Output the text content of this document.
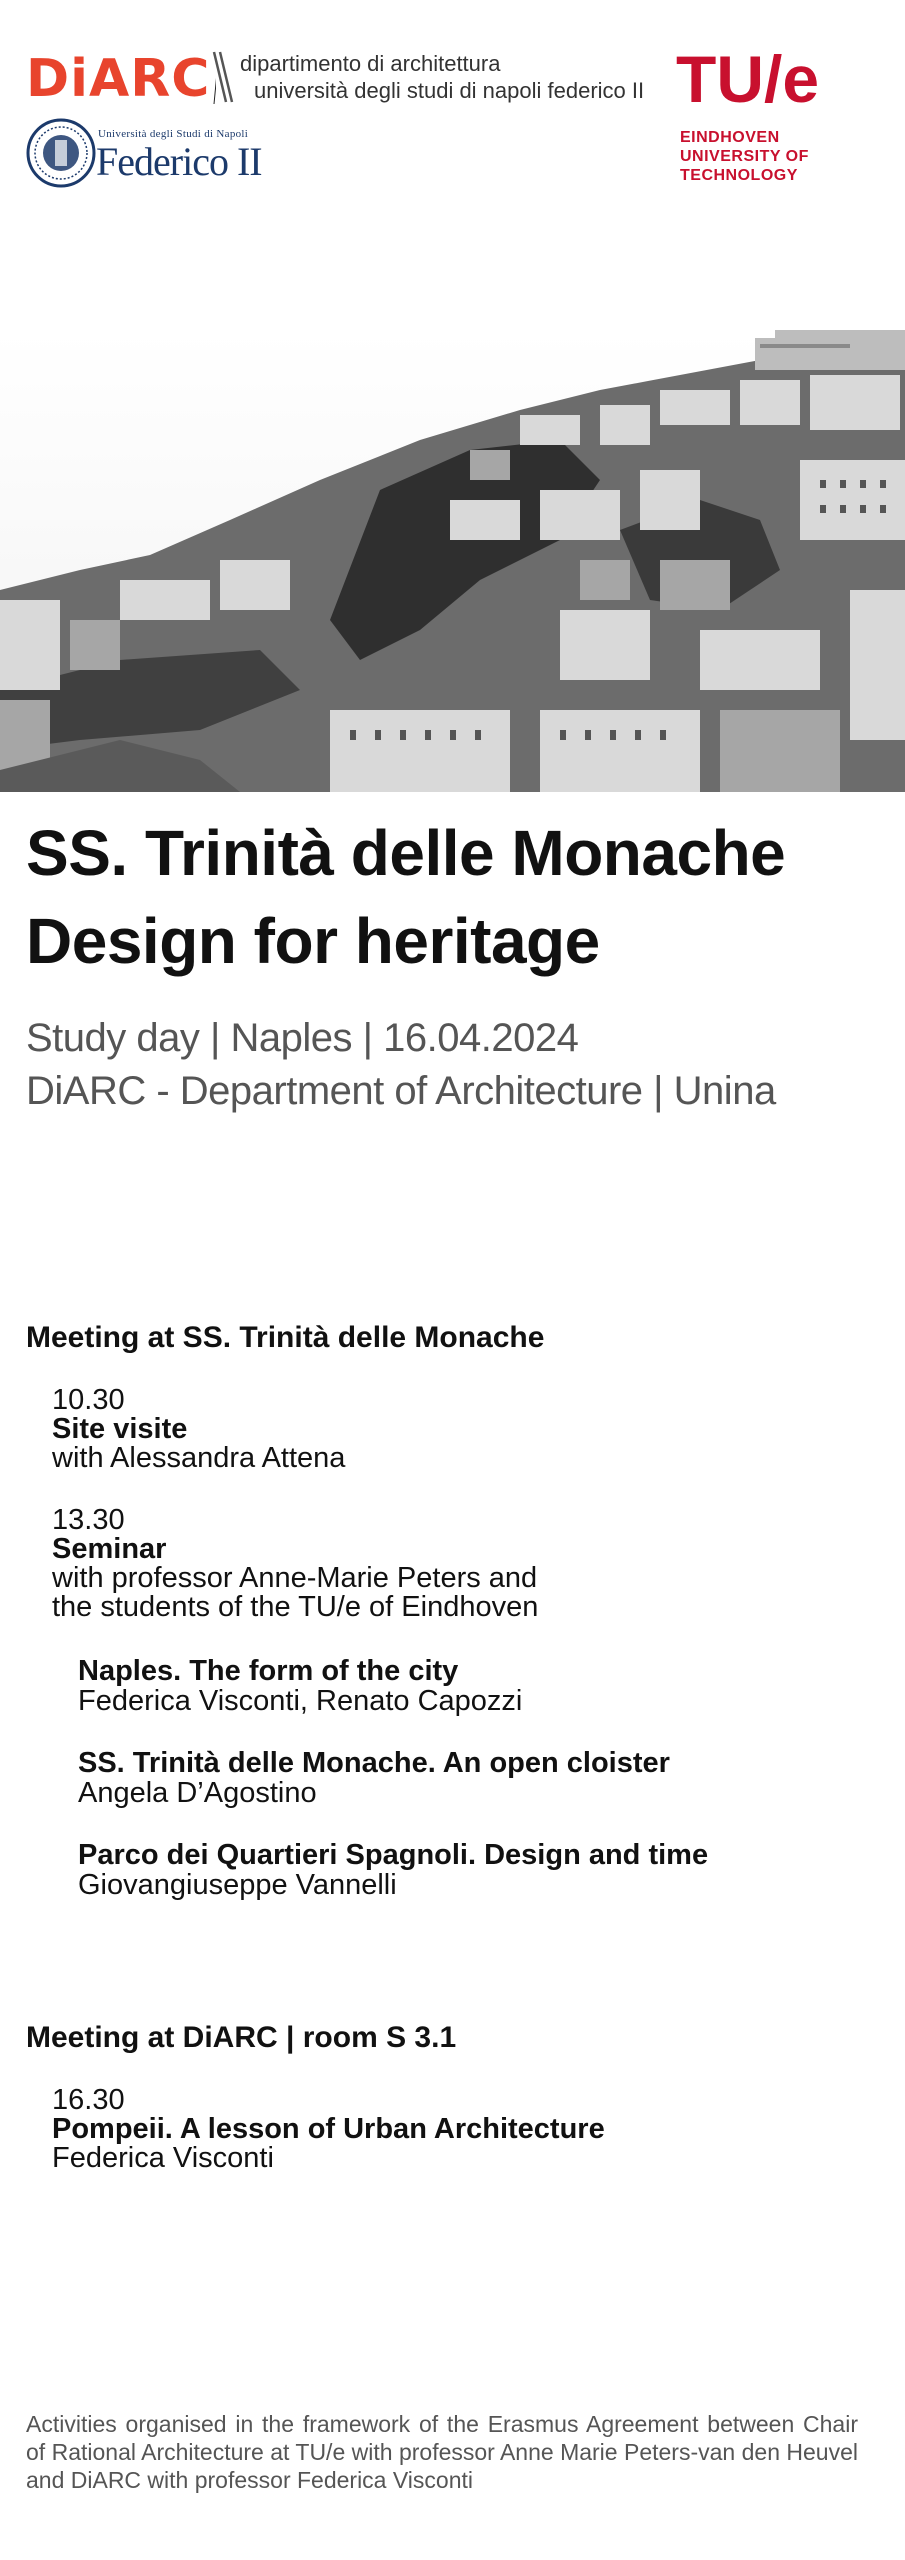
DiARC dipartimento di architettura
università degli studi di napoli federico II
Università degli Studi di Napoli
Federico II
TU/e
EINDHOVEN
UNIVERSITY OF
TECHNOLOGY
SS. Trinità delle Monache
Design for heritage
Study day | Naples | 16.04.2024
DiARC - Department of Architecture | Unina
Meeting at SS. Trinità delle Monache
10.30
Site visite
with Alessandra Attena
13.30
Seminar
with professor Anne-Marie Peters and
the students of the TU/e of Eindhoven
Naples. The form of the city
Federica Visconti, Renato Capozzi
SS. Trinità delle Monache. An open cloister
Angela D’Agostino
Parco dei Quartieri Spagnoli. Design and time
Giovangiuseppe Vannelli
Meeting at DiARC | room S 3.1
16.30
Pompeii. A lesson of Urban Architecture
Federica Visconti
Activities organised in the framework of the Erasmus Agreement between Chair of Rational Architecture at TU/e with professor Anne Marie Peters-van den Heuvel and DiARC with professor Federica Visconti
